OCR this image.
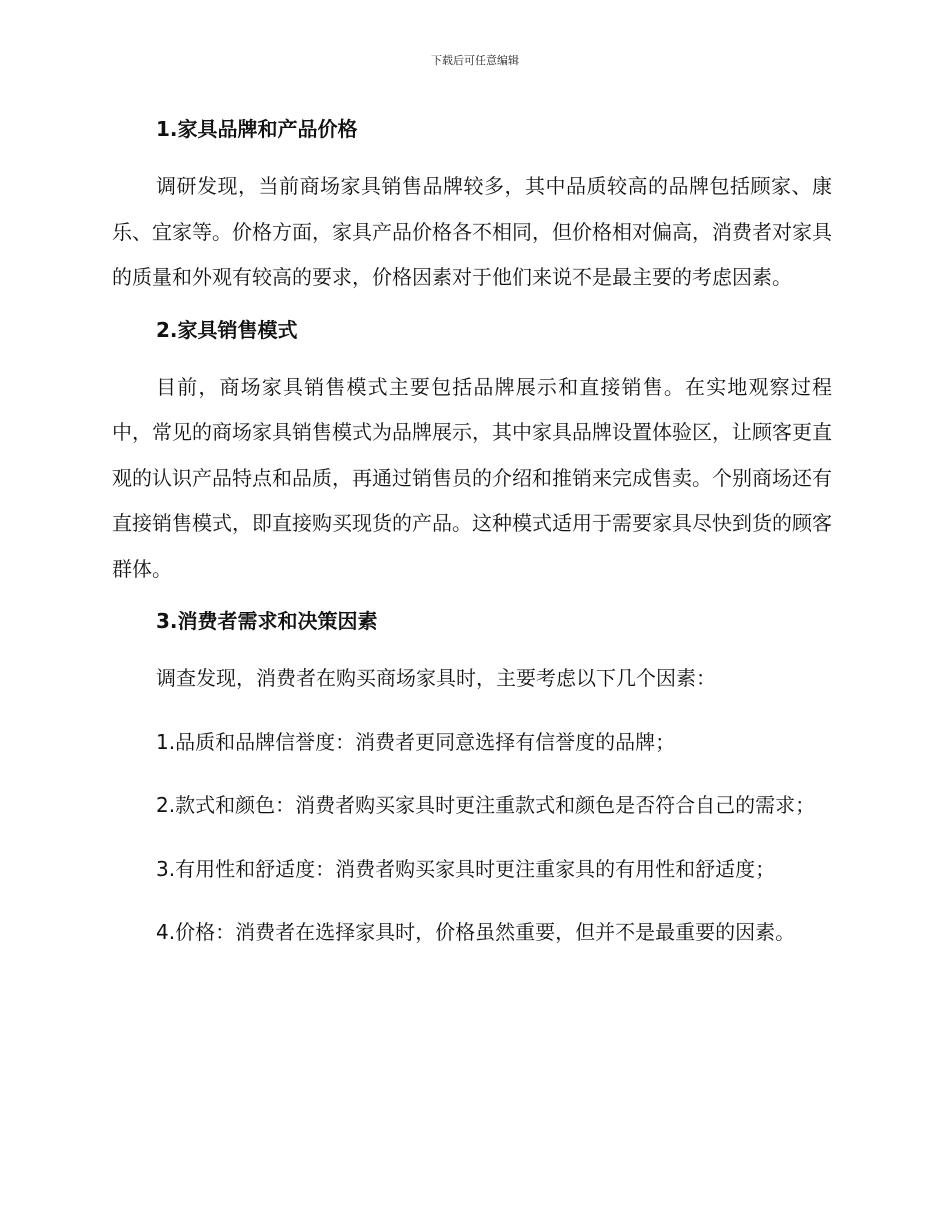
下载后可任意编辑
1.家具品牌和产品价格

调研发现，当前商场家具销售品牌较多，其中品质较高的品牌包括顾家、康乐、宜家等。价格方面，家具产品价格各不相同，但价格相对偏高，消费者对家具的质量和外观有较高的要求，价格因素对于他们来说不是最主要的考虑因素。

2.家具销售模式

目前，商场家具销售模式主要包括品牌展示和直接销售。在实地观察过程中，常见的商场家具销售模式为品牌展示，其中家具品牌设置体验区，让顾客更直观的认识产品特点和品质，再通过销售员的介绍和推销来完成售卖。个别商场还有直接销售模式，即直接购买现货的产品。这种模式适用于需要家具尽快到货的顾客群体。

3.消费者需求和决策因素

调查发现，消费者在购买商场家具时，主要考虑以下几个因素：

1.品质和品牌信誉度：消费者更同意选择有信誉度的品牌；

2.款式和颜色：消费者购买家具时更注重款式和颜色是否符合自己的需求；

3.有用性和舒适度：消费者购买家具时更注重家具的有用性和舒适度；

4.价格：消费者在选择家具时，价格虽然重要，但并不是最重要的因素。
